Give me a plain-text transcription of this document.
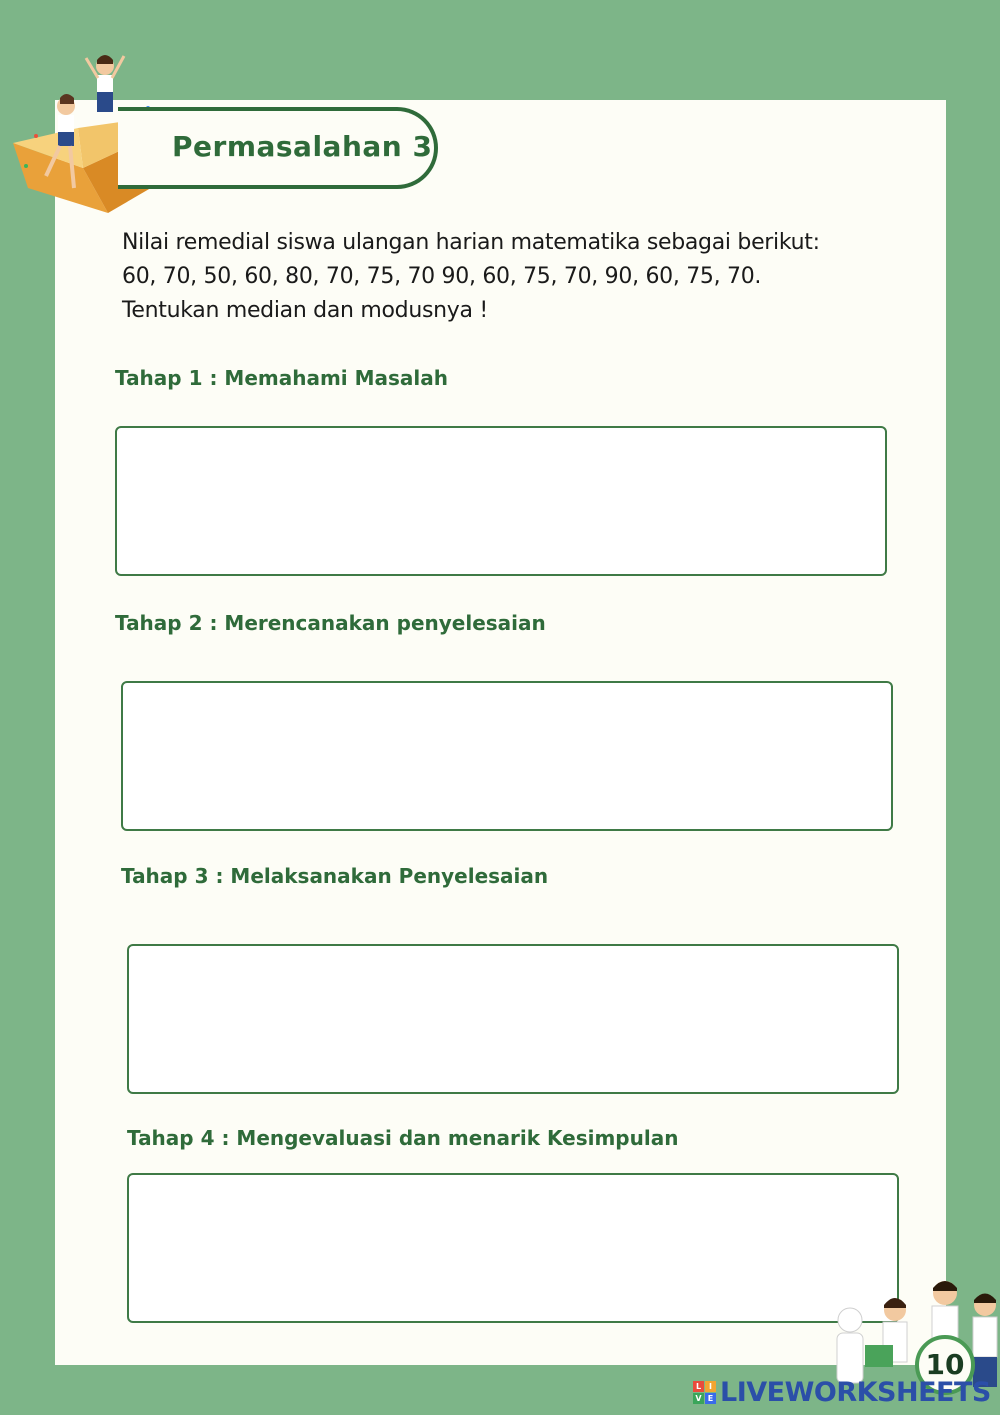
Permasalahan 3
Nilai remedial siswa ulangan harian matematika sebagai berikut:
60, 70, 50, 60, 80, 70, 75, 70 90, 60, 75, 70, 90, 60, 75, 70.
Tentukan median dan modusnya !
Tahap 1 : Memahami Masalah
Tahap 2 : Merencanakan penyelesaian
Tahap 3 : Melaksanakan Penyelesaian
Tahap 4 : Mengevaluasi dan menarik Kesimpulan
10
L I
V E LIVEWORKSHEETS
